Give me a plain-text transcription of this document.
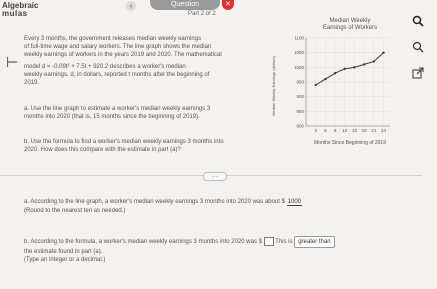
Algebraic
mulas
‹	Question	✕
Part 2 of 2
⊢
Every 3 months, the government releases median weekly earnings
of full-time wage and salary workers. The line graph shows the median
weekly earnings of workers in the years 2019 and 2020. The mathematical
model d = -0.09t² + 7.5t + 920.2 describes a worker's median
weekly earnings, d, in dollars, reported t months after the beginning of
2019.
a. Use the line graph to estimate a worker's median weekly earnings 3
months into 2020 (that is, 15 months since the beginning of 2019).
b. Use the formula to find a worker's median weekly earnings 3 months into
2020. How does this compare with the estimate in part (a)?
Median Weekly
Earnings of Workers
Median Weekly Earnings (dollars)
800
850
900
950
1000
1050
1100
3 6 9 12 15 18 21 24
Months Since Beginning of 2019
.....
a. According to the line graph, a worker's median weekly earnings 3 months into 2020 was about $ 1000
(Round to the nearest ten as needed.)
b. According to the formula, a worker's median weekly earnings 3 months into 2020 was $ This is greater than
the estimate found in part (a).
(Type an integer or a decimal.)
